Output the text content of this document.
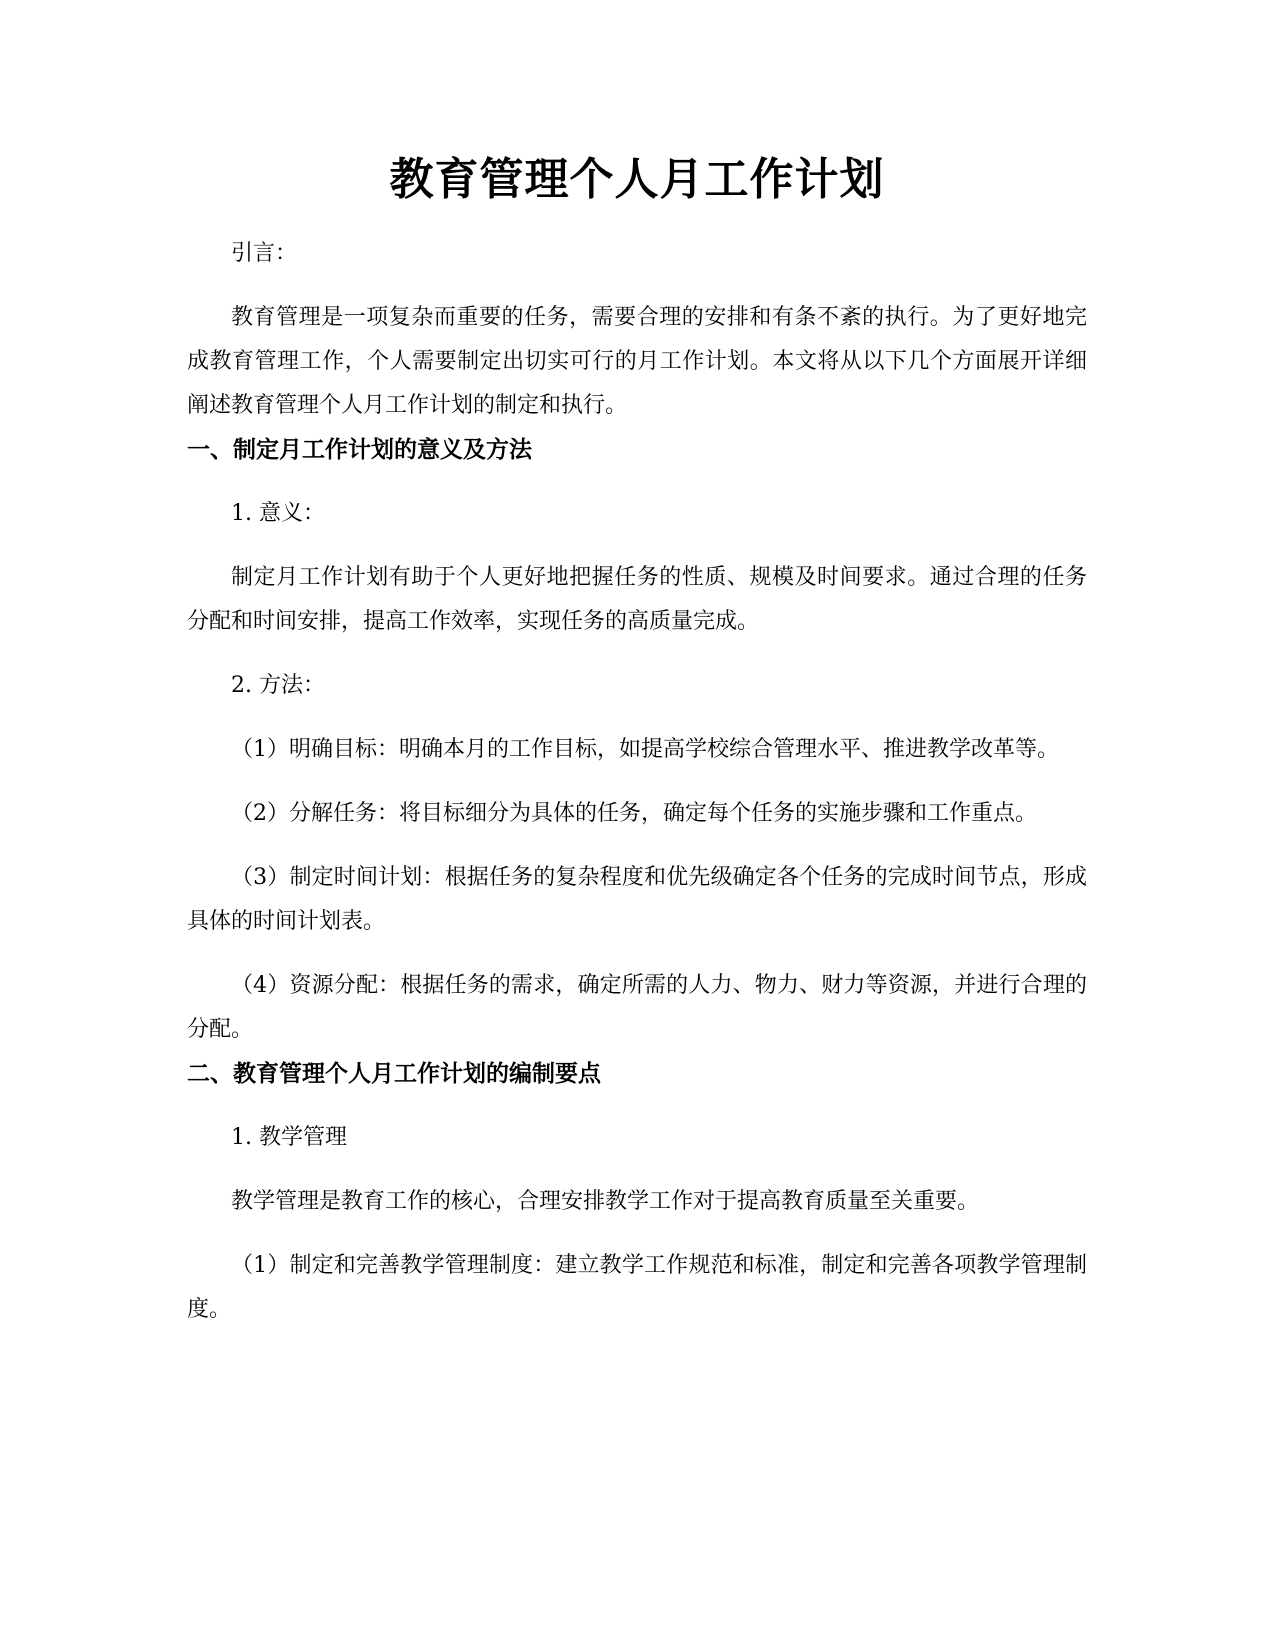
教育管理个人月工作计划

引言：

教育管理是一项复杂而重要的任务，需要合理的安排和有条不紊的执行。为了更好地完成教育管理工作，个人需要制定出切实可行的月工作计划。本文将从以下几个方面展开详细阐述教育管理个人月工作计划的制定和执行。

一、制定月工作计划的意义及方法

1. 意义：

制定月工作计划有助于个人更好地把握任务的性质、规模及时间要求。通过合理的任务分配和时间安排，提高工作效率，实现任务的高质量完成。

2. 方法：

（1）明确目标：明确本月的工作目标，如提高学校综合管理水平、推进教学改革等。

（2）分解任务：将目标细分为具体的任务，确定每个任务的实施步骤和工作重点。

（3）制定时间计划：根据任务的复杂程度和优先级确定各个任务的完成时间节点，形成具体的时间计划表。

（4）资源分配：根据任务的需求，确定所需的人力、物力、财力等资源，并进行合理的分配。

二、教育管理个人月工作计划的编制要点

1. 教学管理

教学管理是教育工作的核心，合理安排教学工作对于提高教育质量至关重要。

（1）制定和完善教学管理制度：建立教学工作规范和标准，制定和完善各项教学管理制度。
